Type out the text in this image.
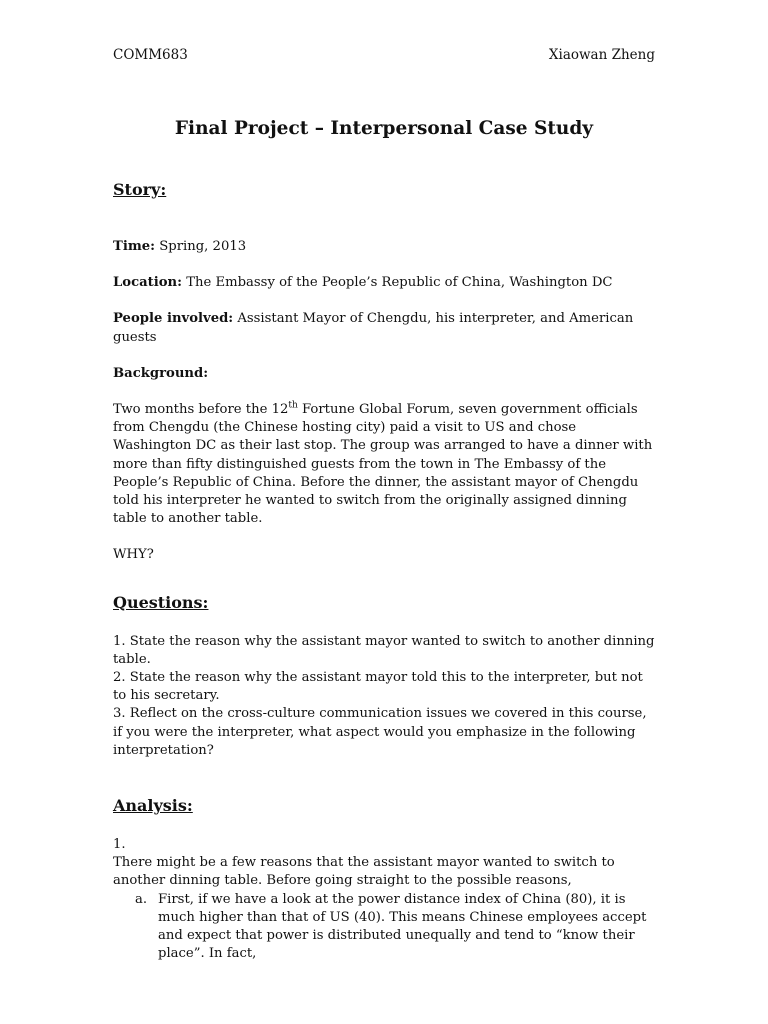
COMM683	Xiaowan Zheng
Final Project – Interpersonal Case Study
Story:

Time: Spring, 2013

Location: The Embassy of the People’s Republic of China, Washington DC

People involved: Assistant Mayor of Chengdu, his interpreter, and American guests

Background:

Two months before the 12th Fortune Global Forum, seven government officials from Chengdu (the Chinese hosting city) paid a visit to US and chose Washington DC as their last stop. The group was arranged to have a dinner with more than fifty distinguished guests from the town in The Embassy of the People’s Republic of China. Before the dinner, the assistant mayor of Chengdu told his interpreter he wanted to switch from the originally assigned dinning table to another table.

WHY?

Questions:

1. State the reason why the assistant mayor wanted to switch to another dinning table.

2. State the reason why the assistant mayor told this to the interpreter, but not to his secretary.

3. Reflect on the cross-culture communication issues we covered in this course, if you were the interpreter, what aspect would you emphasize in the following interpretation?

Analysis:

1.

There might be a few reasons that the assistant mayor wanted to switch to another dinning table. Before going straight to the possible reasons,

a. First, if we have a look at the power distance index of China (80), it is much higher than that of US (40). This means Chinese employees accept and expect that power is distributed unequally and tend to “know their place”. In fact,
